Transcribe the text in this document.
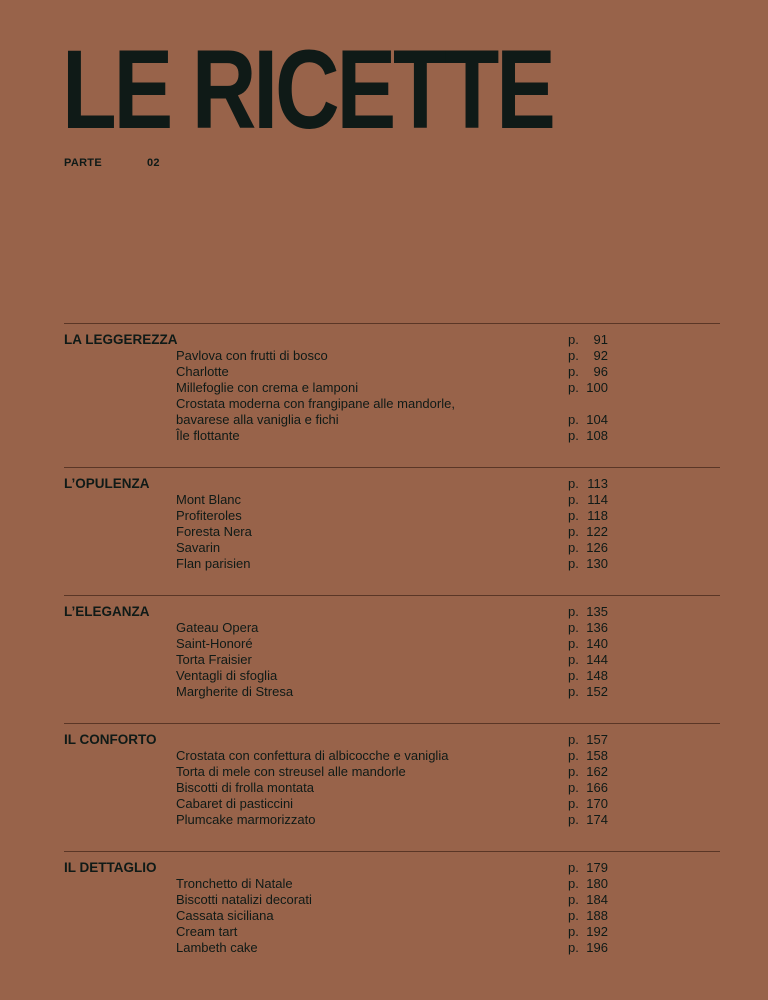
LE RICETTE
PARTE	02
LA LEGGEREZZA	p.	91
Pavlova con frutti di bosco	p.	92
Charlotte	p.	96
Millefoglie con crema e lamponi	p. 100
Crostata moderna con frangipane alle mandorle,
bavarese alla vaniglia e fichi	p. 104
Île flottante	p. 108
L’OPULENZA	p. 113
Mont Blanc	p. 114
Profiteroles	p. 118
Foresta Nera	p. 122
Savarin	p. 126
Flan parisien	p. 130
L’ELEGANZA	p. 135
Gateau Opera	p. 136
Saint-Honoré	p. 140
Torta Fraisier	p. 144
Ventagli di sfoglia	p. 148
Margherite di Stresa	p. 152
IL CONFORTO	p. 157
Crostata con confettura di albicocche e vaniglia	p. 158
Torta di mele con streusel alle mandorle	p. 162
Biscotti di frolla montata	p. 166
Cabaret di pasticcini	p. 170
Plumcake marmorizzato	p. 174
IL DETTAGLIO	p. 179
Tronchetto di Natale	p. 180
Biscotti natalizi decorati	p. 184
Cassata siciliana	p. 188
Cream tart	p. 192
Lambeth cake	p. 196
